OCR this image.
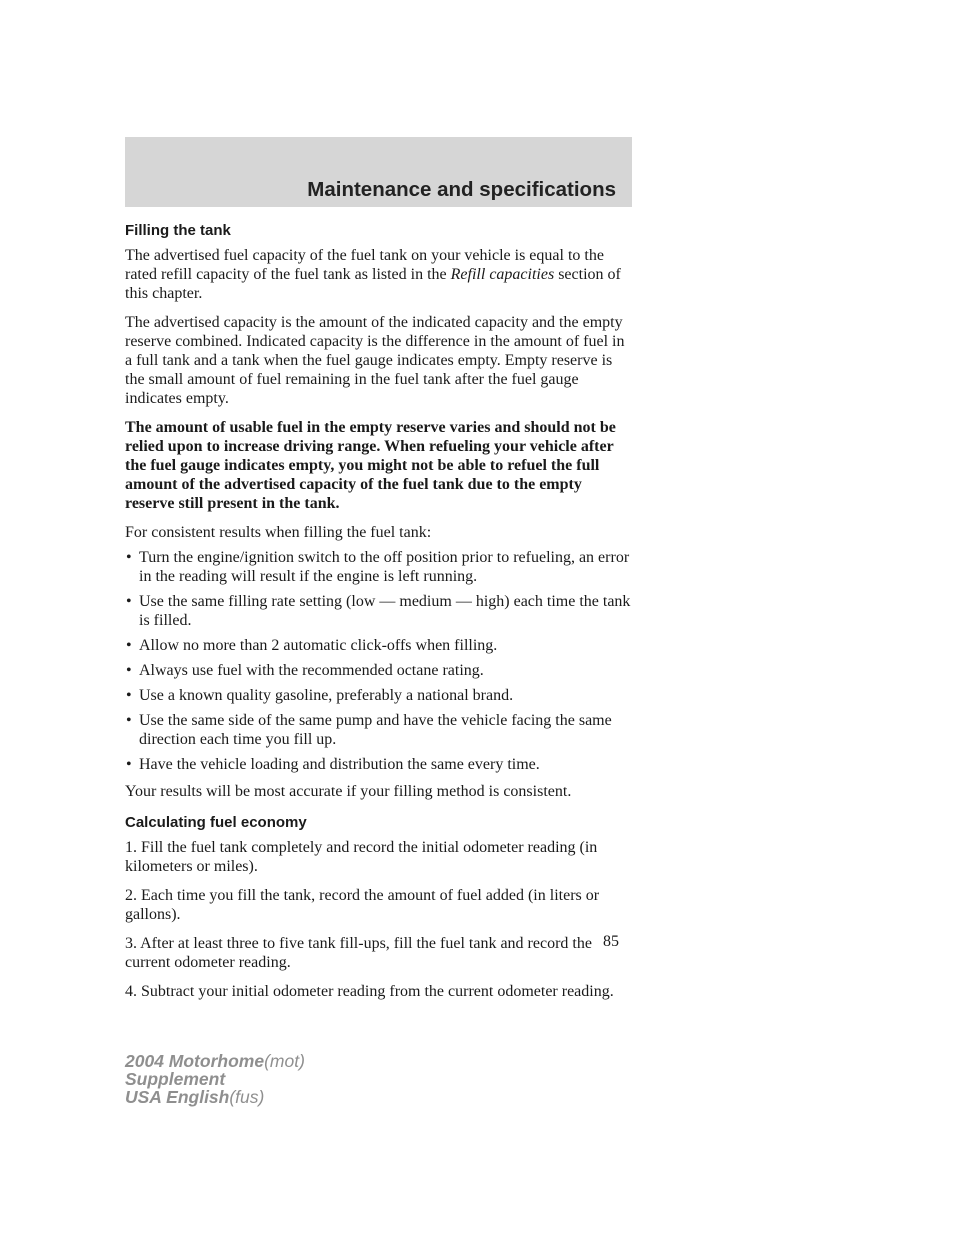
Maintenance and specifications
Filling the tank

The advertised fuel capacity of the fuel tank on your vehicle is equal to the rated refill capacity of the fuel tank as listed in the Refill capacities section of this chapter.

The advertised capacity is the amount of the indicated capacity and the empty reserve combined. Indicated capacity is the difference in the amount of fuel in a full tank and a tank when the fuel gauge indicates empty. Empty reserve is the small amount of fuel remaining in the fuel tank after the fuel gauge indicates empty.

The amount of usable fuel in the empty reserve varies and should not be relied upon to increase driving range. When refueling your vehicle after the fuel gauge indicates empty, you might not be able to refuel the full amount of the advertised capacity of the fuel tank due to the empty reserve still present in the tank.

For consistent results when filling the fuel tank:

• Turn the engine/ignition switch to the off position prior to refueling, an error in the reading will result if the engine is left running.
• Use the same filling rate setting (low — medium — high) each time the tank is filled.
• Allow no more than 2 automatic click-offs when filling.
• Always use fuel with the recommended octane rating.
• Use a known quality gasoline, preferably a national brand.
• Use the same side of the same pump and have the vehicle facing the same direction each time you fill up.
• Have the vehicle loading and distribution the same every time.

Your results will be most accurate if your filling method is consistent.

Calculating fuel economy

1. Fill the fuel tank completely and record the initial odometer reading (in kilometers or miles).

2. Each time you fill the tank, record the amount of fuel added (in liters or gallons).

3. After at least three to five tank fill-ups, fill the fuel tank and record the current odometer reading.

4. Subtract your initial odometer reading from the current odometer reading.

85
2004 Motorhome(mot)
Supplement
USA English(fus)
